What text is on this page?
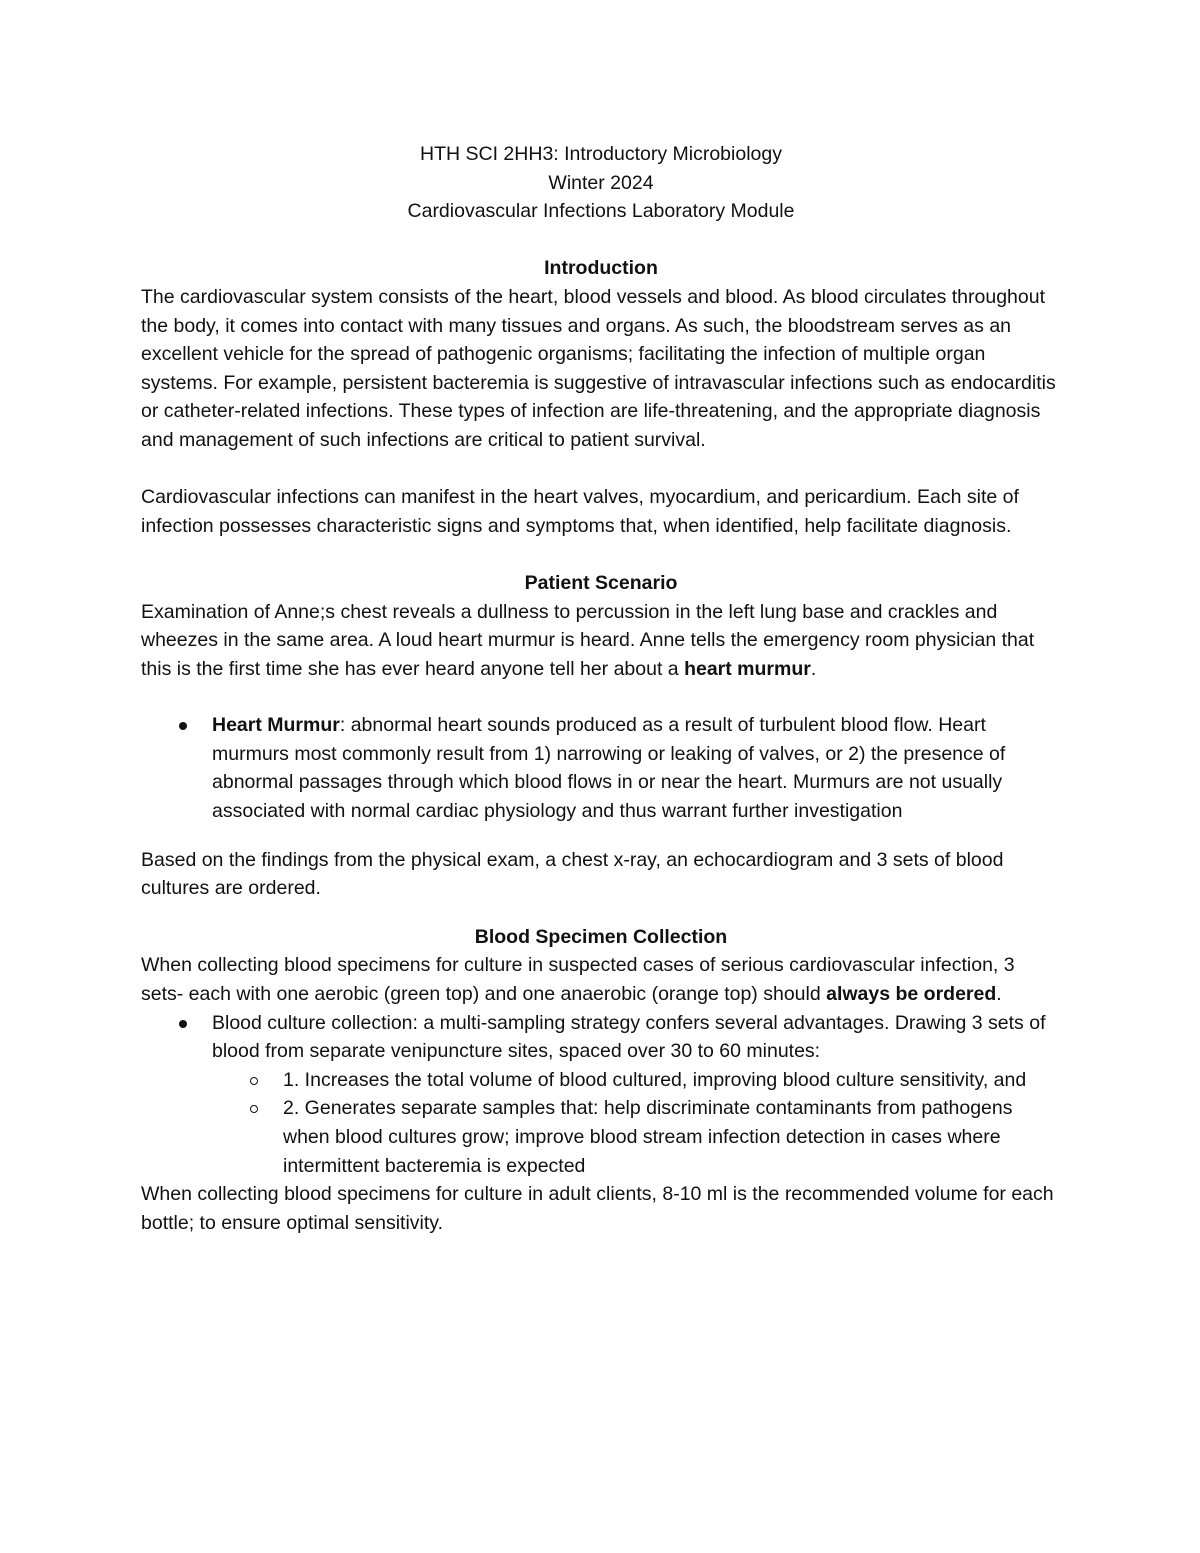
HTH SCI 2HH3: Introductory Microbiology

Winter 2024

Cardiovascular Infections Laboratory Module

Introduction

The cardiovascular system consists of the heart, blood vessels and blood. As blood circulates throughout the body, it comes into contact with many tissues and organs. As such, the bloodstream serves as an excellent vehicle for the spread of pathogenic organisms; facilitating the infection of multiple organ systems. For example, persistent bacteremia is suggestive of intravascular infections such as endocarditis or catheter-related infections. These types of infection are life-threatening, and the appropriate diagnosis and management of such infections are critical to patient survival.

Cardiovascular infections can manifest in the heart valves, myocardium, and pericardium. Each site of infection possesses characteristic signs and symptoms that, when identified, help facilitate diagnosis.

Patient Scenario

Examination of Anne;s chest reveals a dullness to percussion in the left lung base and crackles and wheezes in the same area. A loud heart murmur is heard. Anne tells the emergency room physician that this is the first time she has ever heard anyone tell her about a heart murmur.

Heart Murmur: abnormal heart sounds produced as a result of turbulent blood flow. Heart murmurs most commonly result from 1) narrowing or leaking of valves, or 2) the presence of abnormal passages through which blood flows in or near the heart. Murmurs are not usually associated with normal cardiac physiology and thus warrant further investigation

Based on the findings from the physical exam, a chest x-ray, an echocardiogram and 3 sets of blood cultures are ordered.

Blood Specimen Collection

When collecting blood specimens for culture in suspected cases of serious cardiovascular infection, 3 sets- each with one aerobic (green top) and one anaerobic (orange top) should always be ordered.

Blood culture collection: a multi-sampling strategy confers several advantages. Drawing 3 sets of blood from separate venipuncture sites, spaced over 30 to 60 minutes:
1. Increases the total volume of blood cultured, improving blood culture sensitivity, and
2. Generates separate samples that: help discriminate contaminants from pathogens when blood cultures grow; improve blood stream infection detection in cases where intermittent bacteremia is expected

When collecting blood specimens for culture in adult clients, 8-10 ml is the recommended volume for each bottle; to ensure optimal sensitivity.
